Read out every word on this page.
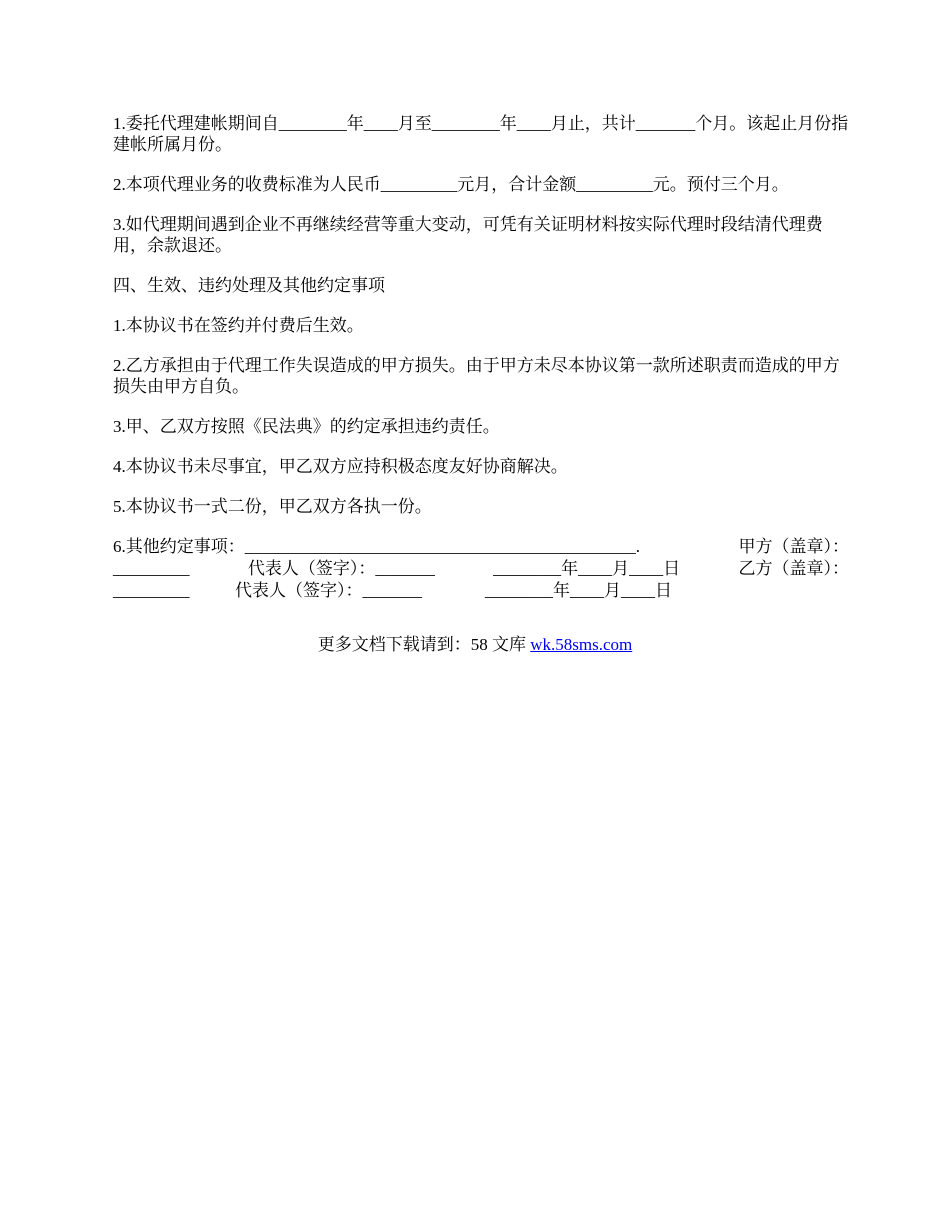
1.委托代理建帐期间自________年____月至________年____月止，共计_______个月。该起止月份指建帐所属月份。

2.本项代理业务的收费标准为人民币_________元月，合计金额_________元。预付三个月。

3.如代理期间遇到企业不再继续经营等重大变动，可凭有关证明材料按实际代理时段结清代理费用，余款退还。

四、生效、违约处理及其他约定事项

1.本协议书在签约并付费后生效。

2.乙方承担由于代理工作失误造成的甲方损失。由于甲方未尽本协议第一款所述职责而造成的甲方损失由甲方自负。

3.甲、乙双方按照《民法典》的约定承担违约责任。

4.本协议书未尽事宜，甲乙双方应持积极态度友好协商解决。

5.本协议书一式二份，甲乙双方各执一份。

6.其他约定事项：______________________________________________.	甲方（盖章）：
_________	代表人（签字）：_______	________年____月____日	乙方（盖章）：
_________	代表人（签字）：_______	________年____月____日
更多文档下载请到：58 文库 wk.58sms.com
